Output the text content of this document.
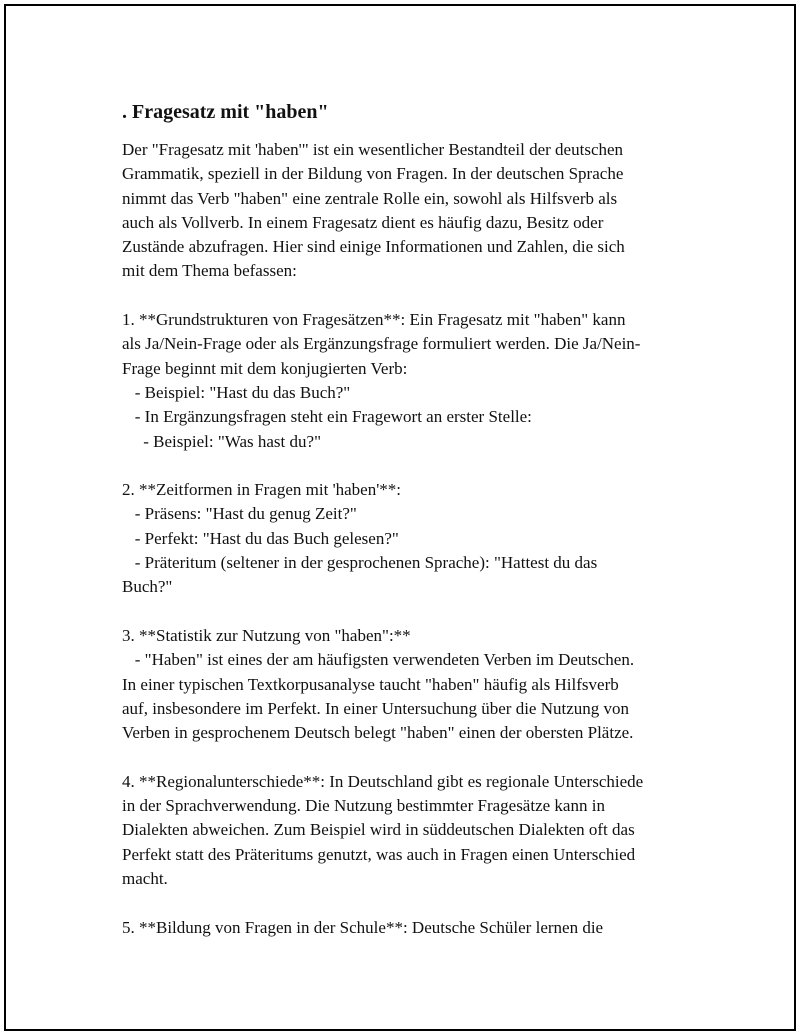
. Fragesatz mit "haben"

Der "Fragesatz mit 'haben'" ist ein wesentlicher Bestandteil der deutschen
Grammatik, speziell in der Bildung von Fragen. In der deutschen Sprache
nimmt das Verb "haben" eine zentrale Rolle ein, sowohl als Hilfsverb als
auch als Vollverb. In einem Fragesatz dient es häufig dazu, Besitz oder
Zustände abzufragen. Hier sind einige Informationen und Zahlen, die sich
mit dem Thema befassen:

1. **Grundstrukturen von Fragesätzen**: Ein Fragesatz mit "haben" kann
als Ja/Nein-Frage oder als Ergänzungsfrage formuliert werden. Die Ja/Nein-
Frage beginnt mit dem konjugierten Verb:
- Beispiel: "Hast du das Buch?"
- In Ergänzungsfragen steht ein Fragewort an erster Stelle:
- Beispiel: "Was hast du?"

2. **Zeitformen in Fragen mit 'haben'**:
- Präsens: "Hast du genug Zeit?"
- Perfekt: "Hast du das Buch gelesen?"
- Präteritum (seltener in der gesprochenen Sprache): "Hattest du das
Buch?"

3. **Statistik zur Nutzung von "haben":**
- "Haben" ist eines der am häufigsten verwendeten Verben im Deutschen.
In einer typischen Textkorpusanalyse taucht "haben" häufig als Hilfsverb
auf, insbesondere im Perfekt. In einer Untersuchung über die Nutzung von
Verben in gesprochenem Deutsch belegt "haben" einen der obersten Plätze.

4. **Regionalunterschiede**: In Deutschland gibt es regionale Unterschiede
in der Sprachverwendung. Die Nutzung bestimmter Fragesätze kann in
Dialekten abweichen. Zum Beispiel wird in süddeutschen Dialekten oft das
Perfekt statt des Präteritums genutzt, was auch in Fragen einen Unterschied
macht.

5. **Bildung von Fragen in der Schule**: Deutsche Schüler lernen die
